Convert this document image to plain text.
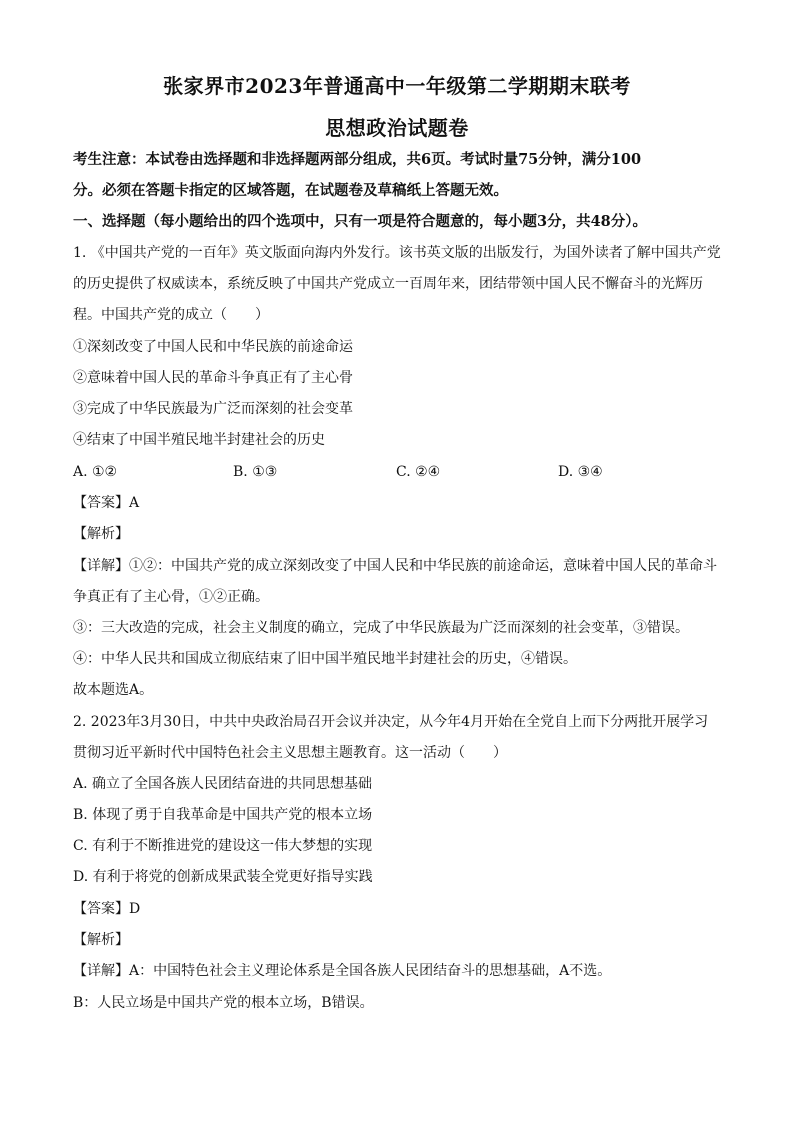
张家界市2023年普通高中一年级第二学期期末联考
思想政治试题卷
考生注意：本试卷由选择题和非选择题两部分组成，共6页。考试时量75分钟，满分100
分。必须在答题卡指定的区域答题，在试题卷及草稿纸上答题无效。
一、选择题（每小题给出的四个选项中，只有一项是符合题意的，每小题3分，共48分）。
1. 《中国共产党的一百年》英文版面向海内外发行。该书英文版的出版发行，为国外读者了解中国共产党
的历史提供了权威读本，系统反映了中国共产党成立一百周年来，团结带领中国人民不懈奋斗的光辉历
程。中国共产党的成立（　　）
①深刻改变了中国人民和中华民族的前途命运
②意味着中国人民的革命斗争真正有了主心骨
③完成了中华民族最为广泛而深刻的社会变革
④结束了中国半殖民地半封建社会的历史
A. ①②	B. ①③	C. ②④	D. ③④
【答案】A
【解析】
【详解】①②：中国共产党的成立深刻改变了中国人民和中华民族的前途命运，意味着中国人民的革命斗
争真正有了主心骨，①②正确。
③：三大改造的完成，社会主义制度的确立，完成了中华民族最为广泛而深刻的社会变革，③错误。
④：中华人民共和国成立彻底结束了旧中国半殖民地半封建社会的历史，④错误。
故本题选A。
2. 2023年3月30日，中共中央政治局召开会议并决定，从今年4月开始在全党自上而下分两批开展学习
贯彻习近平新时代中国特色社会主义思想主题教育。这一活动（　　）
A. 确立了全国各族人民团结奋进的共同思想基础
B. 体现了勇于自我革命是中国共产党的根本立场
C. 有利于不断推进党的建设这一伟大梦想的实现
D. 有利于将党的创新成果武装全党更好指导实践
【答案】D
【解析】
【详解】A：中国特色社会主义理论体系是全国各族人民团结奋斗的思想基础，A不选。
B：人民立场是中国共产党的根本立场，B错误。
